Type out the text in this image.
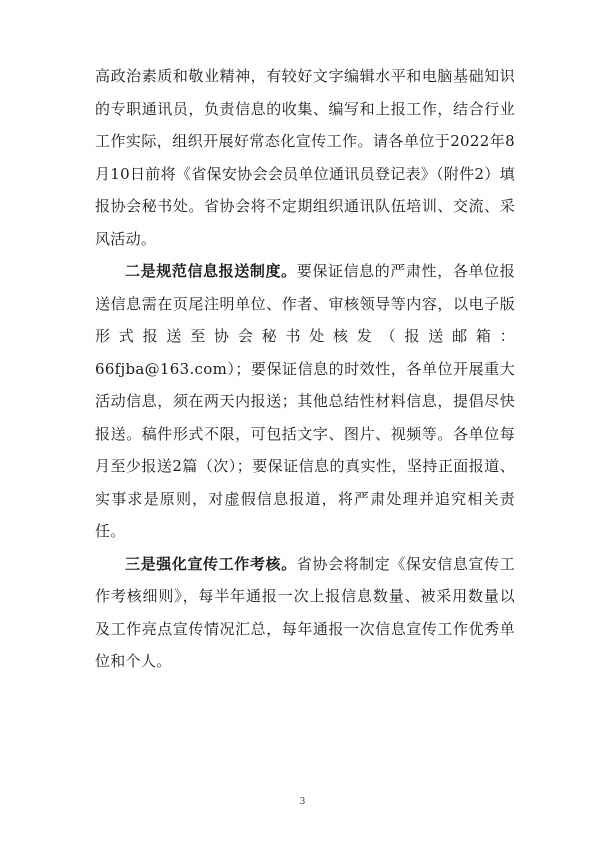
高政治素质和敬业精神，有较好文字编辑水平和电脑基础知识的专职通讯员，负责信息的收集、编写和上报工作，结合行业工作实际，组织开展好常态化宣传工作。请各单位于2022年8月10日前将《省保安协会会员单位通讯员登记表》（附件2）填报协会秘书处。省协会将不定期组织通讯队伍培训、交流、采风活动。

二是规范信息报送制度。要保证信息的严肃性，各单位报送信息需在页尾注明单位、作者、审核领导等内容，以电子版形式报送至协会秘书处核发（报送邮箱：66fjba@163.com）；要保证信息的时效性，各单位开展重大活动信息，须在两天内报送；其他总结性材料信息，提倡尽快报送。稿件形式不限，可包括文字、图片、视频等。各单位每月至少报送2篇（次）；要保证信息的真实性，坚持正面报道、实事求是原则，对虚假信息报道，将严肃处理并追究相关责任。

三是强化宣传工作考核。省协会将制定《保安信息宣传工作考核细则》，每半年通报一次上报信息数量、被采用数量以及工作亮点宣传情况汇总，每年通报一次信息宣传工作优秀单位和个人。

3
